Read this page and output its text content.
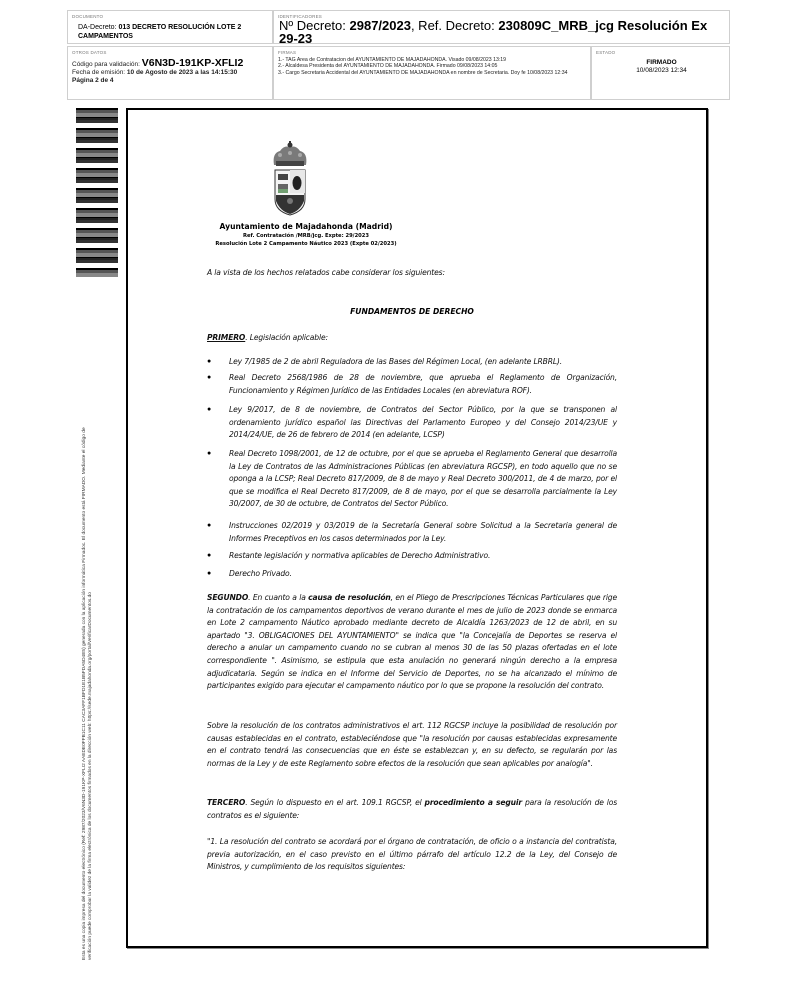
DOCUMENTO
DA-Decreto: 013 DECRETO RESOLUCIÓN LOTE 2 CAMPAMENTOS
IDENTIFICADORES
Nº Decreto: 2987/2023, Ref. Decreto: 230809C_MRB_jcg Resolución Ex 29-23
OTROS DATOS
Código para validación: V6N3D-191KP-XFLI2
Fecha de emisión: 10 de Agosto de 2023 a las 14:15:30
Página 2 de 4
FIRMAS
1.- TAG Area de Contratacion del AYUNTAMIENTO DE MAJADAHONDA. Visado 09/08/2023 13:19
2.- Alcaldesa Presidenta del AYUNTAMIENTO DE MAJADAHONDA. Firmado 09/08/2023 14:05
3.- Cargo Secretaria Accidental del AYUNTAMIENTO DE MAJADAHONDA en nombre de Secretaria. Doy fe 10/08/2023 12:34
ESTADO
FIRMADO
10/08/2023 12:34
Esta es una copia impresa del documento electrónico (Ref: 2987/2023/V6N3D-191KP-XFLI2 AAEDE0FFB1C11 CAC3AFF1BFD1E1B5FDA5D4E5) generada con la aplicación informática Firmadoc. El documento está FIRMADO. Mediante el código de verificación puede comprobar la validez de la firma electrónica de los documentos firmados en la dirección web: https://sede.majadahonda.org/portal/VerificarDocumentos.do
Ayuntamiento de Majadahonda (Madrid)
Ref. Contratación /MRB/jcg. Expte: 29/2023
Resolución Lote 2 Campamento Náutico 2023 (Expte 02/2023)
A la vista de los hechos relatados cabe considerar los siguientes:
FUNDAMENTOS DE DERECHO
PRIMERO. Legislación aplicable:
● Ley 7/1985 de 2 de abril Reguladora de las Bases del Régimen Local, (en adelante LRBRL).
● Real Decreto 2568/1986 de 28 de noviembre, que aprueba el Reglamento de Organización, Funcionamiento y Régimen Jurídico de las Entidades Locales (en abreviatura ROF).
● Ley 9/2017, de 8 de noviembre, de Contratos del Sector Público, por la que se transponen al ordenamiento jurídico español las Directivas del Parlamento Europeo y del Consejo 2014/23/UE y 2014/24/UE, de 26 de febrero de 2014 (en adelante, LCSP)
● Real Decreto 1098/2001, de 12 de octubre, por el que se aprueba el Reglamento General que desarrolla la Ley de Contratos de las Administraciones Públicas (en abreviatura RGCSP), en todo aquello que no se oponga a la LCSP; Real Decreto 817/2009, de 8 de mayo y Real Decreto 300/2011, de 4 de marzo, por el que se modifica el Real Decreto 817/2009, de 8 de mayo, por el que se desarrolla parcialmente la Ley 30/2007, de 30 de octubre, de Contratos del Sector Público.
● Instrucciones 02/2019 y 03/2019 de la Secretaría General sobre Solicitud a la Secretaria general de Informes Preceptivos en los casos determinados por la Ley.
● Restante legislación y normativa aplicables de Derecho Administrativo.
● Derecho Privado.
SEGUNDO. En cuanto a la causa de resolución, en el Pliego de Prescripciones Técnicas Particulares que rige la contratación de los campamentos deportivos de verano durante el mes de julio de 2023 donde se enmarca en Lote 2 campamento Náutico aprobado mediante decreto de Alcaldía 1263/2023 de 12 de abril, en su apartado "3. OBLIGACIONES DEL AYUNTAMIENTO" se indica que "la Concejalía de Deportes se reserva el derecho a anular un campamento cuando no se cubran al menos 30 de las 50 plazas ofertadas en el lote correspondiente ". Asimismo, se estipula que esta anulación no generará ningún derecho a la empresa adjudicataria. Según se indica en el Informe del Servicio de Deportes, no se ha alcanzado el mínimo de participantes exigido para ejecutar el campamento náutico por lo que se propone la resolución del contrato.
Sobre la resolución de los contratos administrativos el art. 112 RGCSP incluye la posibilidad de resolución por causas establecidas en el contrato, estableciéndose que "la resolución por causas establecidas expresamente en el contrato tendrá las consecuencias que en éste se establezcan y, en su defecto, se regularán por las normas de la Ley y de este Reglamento sobre efectos de la resolución que sean aplicables por analogía".
TERCERO. Según lo dispuesto en el art. 109.1 RGCSP, el procedimiento a seguir para la resolución de los contratos es el siguiente:
"1. La resolución del contrato se acordará por el órgano de contratación, de oficio o a instancia del contratista, previa autorización, en el caso previsto en el último párrafo del artículo 12.2 de la Ley, del Consejo de Ministros, y cumplimiento de los requisitos siguientes:
